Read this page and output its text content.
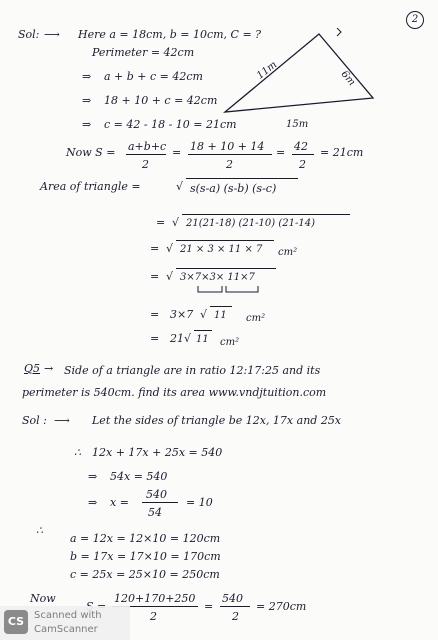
2
Sol: ⟶ Here a = 18cm, b = 10cm, C = ?
Perimeter = 42cm
⇒ a + b + c = 42cm
⇒ 18 + 10 + c = 42cm
⇒ c = 42 - 18 - 10 = 21cm
11m	6m
15m
Now S = a+b+c
2
= 18 + 10 + 14
2
= 42
2
= 21cm
Area of triangle =	√ s(s-a) (s-b) (s-c)
= √ 21(21-18) (21-10) (21-14)
= √ 21 × 3 × 11 × 7 cm²
= √ 3×7×3× 11×7
= 3×7 √ 11 cm²
= 21 √ 11 cm²
Q5 → Side of a triangle are in ratio 12:17:25 and its
perimeter is 540cm. find its area www.vndjtuition.com
Sol : ⟶ Let the sides of triangle be 12x, 17x and 25x
∴ 12x + 17x + 25x = 540
⇒ 54x = 540
⇒ x =
540
54
= 10
∴
a = 12x = 12×10 = 120cm
b = 17x = 17×10 = 170cm
c = 25x = 25×10 = 250cm
Now	120+170+250
2
=
540
2
= 270cm
CS Scanned with
CamScanner
